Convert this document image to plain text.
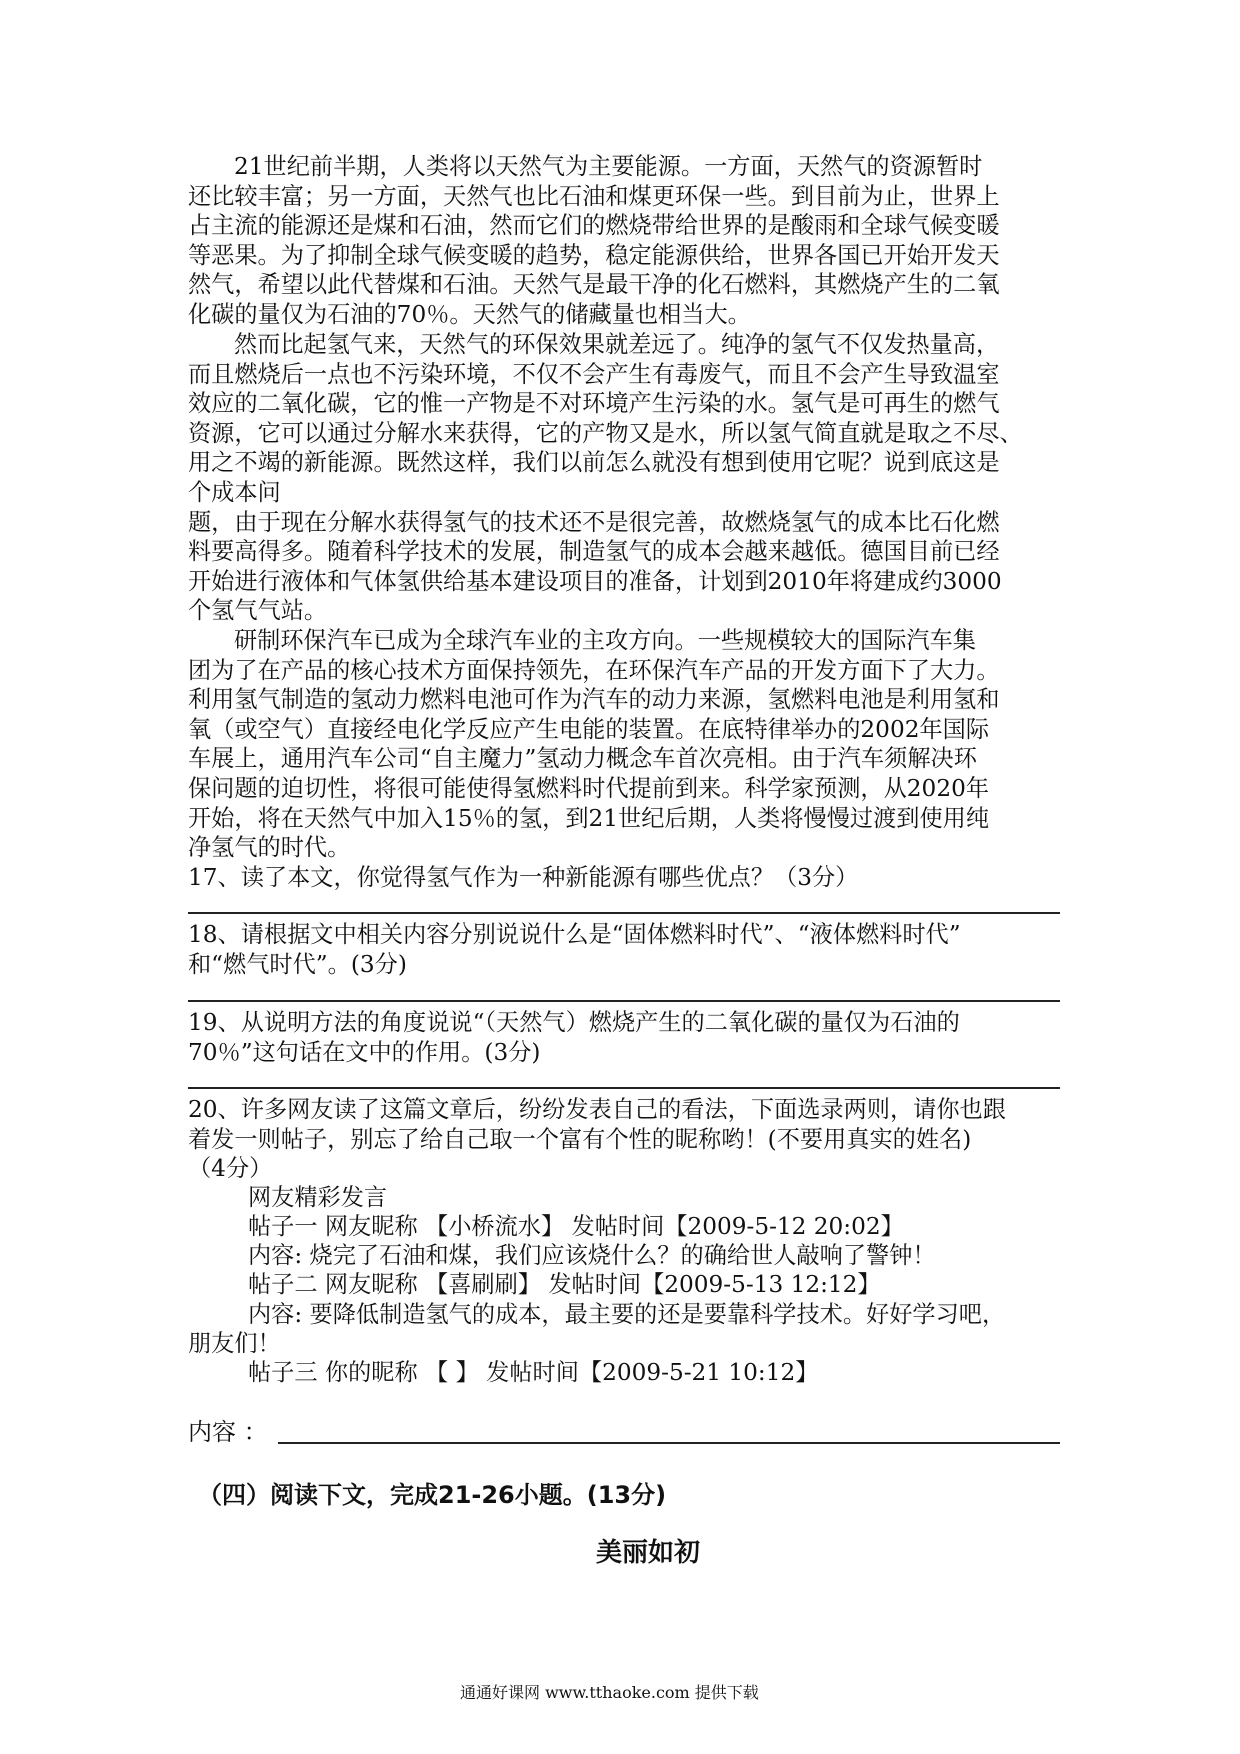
21世纪前半期，人类将以天然气为主要能源。一方面，天然气的资源暂时
还比较丰富；另一方面，天然气也比石油和煤更环保一些。到目前为止，世界上
占主流的能源还是煤和石油，然而它们的燃烧带给世界的是酸雨和全球气候变暖
等恶果。为了抑制全球气候变暖的趋势，稳定能源供给，世界各国已开始开发天
然气，希望以此代替煤和石油。天然气是最干净的化石燃料，其燃烧产生的二氧
化碳的量仅为石油的70％。天然气的储藏量也相当大。
然而比起氢气来，天然气的环保效果就差远了。纯净的氢气不仅发热量高，
而且燃烧后一点也不污染环境，不仅不会产生有毒废气，而且不会产生导致温室
效应的二氧化碳，它的惟一产物是不对环境产生污染的水。氢气是可再生的燃气
资源，它可以通过分解水来获得，它的产物又是水，所以氢气简直就是取之不尽、
用之不竭的新能源。既然这样，我们以前怎么就没有想到使用它呢？说到底这是
个成本问
题，由于现在分解水获得氢气的技术还不是很完善，故燃烧氢气的成本比石化燃
料要高得多。随着科学技术的发展，制造氢气的成本会越来越低。德国目前已经
开始进行液体和气体氢供给基本建设项目的准备，计划到2010年将建成约3000
个氢气气站。
研制环保汽车已成为全球汽车业的主攻方向。一些规模较大的国际汽车集
团为了在产品的核心技术方面保持领先，在环保汽车产品的开发方面下了大力。
利用氢气制造的氢动力燃料电池可作为汽车的动力来源，氢燃料电池是利用氢和
氧（或空气）直接经电化学反应产生电能的装置。在底特律举办的2002年国际
车展上，通用汽车公司“自主魔力”氢动力概念车首次亮相。由于汽车须解决环
保问题的迫切性，将很可能使得氢燃料时代提前到来。科学家预测，从2020年
开始，将在天然气中加入15％的氢，到21世纪后期，人类将慢慢过渡到使用纯
净氢气的时代。
17、读了本文，你觉得氢气作为一种新能源有哪些优点？（3分）
18、请根据文中相关内容分别说说什么是“固体燃料时代”、“液体燃料时代”
和“燃气时代”。(3分)
19、从说明方法的角度说说“（天然气）燃烧产生的二氧化碳的量仅为石油的
70％”这句话在文中的作用。(3分)
20、许多网友读了这篇文章后，纷纷发表自己的看法，下面选录两则，请你也跟
着发一则帖子，别忘了给自己取一个富有个性的昵称哟！(不要用真实的姓名)
（4分）
网友精彩发言
帖子一 网友昵称 【小桥流水】 发帖时间【2009-5-12 20:02】
内容: 烧完了石油和煤，我们应该烧什么？的确给世人敲响了警钟！
帖子二 网友昵称 【喜刷刷】 发帖时间【2009-5-13 12:12】
内容: 要降低制造氢气的成本，最主要的还是要靠科学技术。好好学习吧，
朋友们！
帖子三 你的昵称 【 】 发帖时间【2009-5-21 10:12】
内容 ：
（四）阅读下文，完成21-26小题。(13分)
美丽如初
通通好课网 www.tthaoke.com 提供下载
